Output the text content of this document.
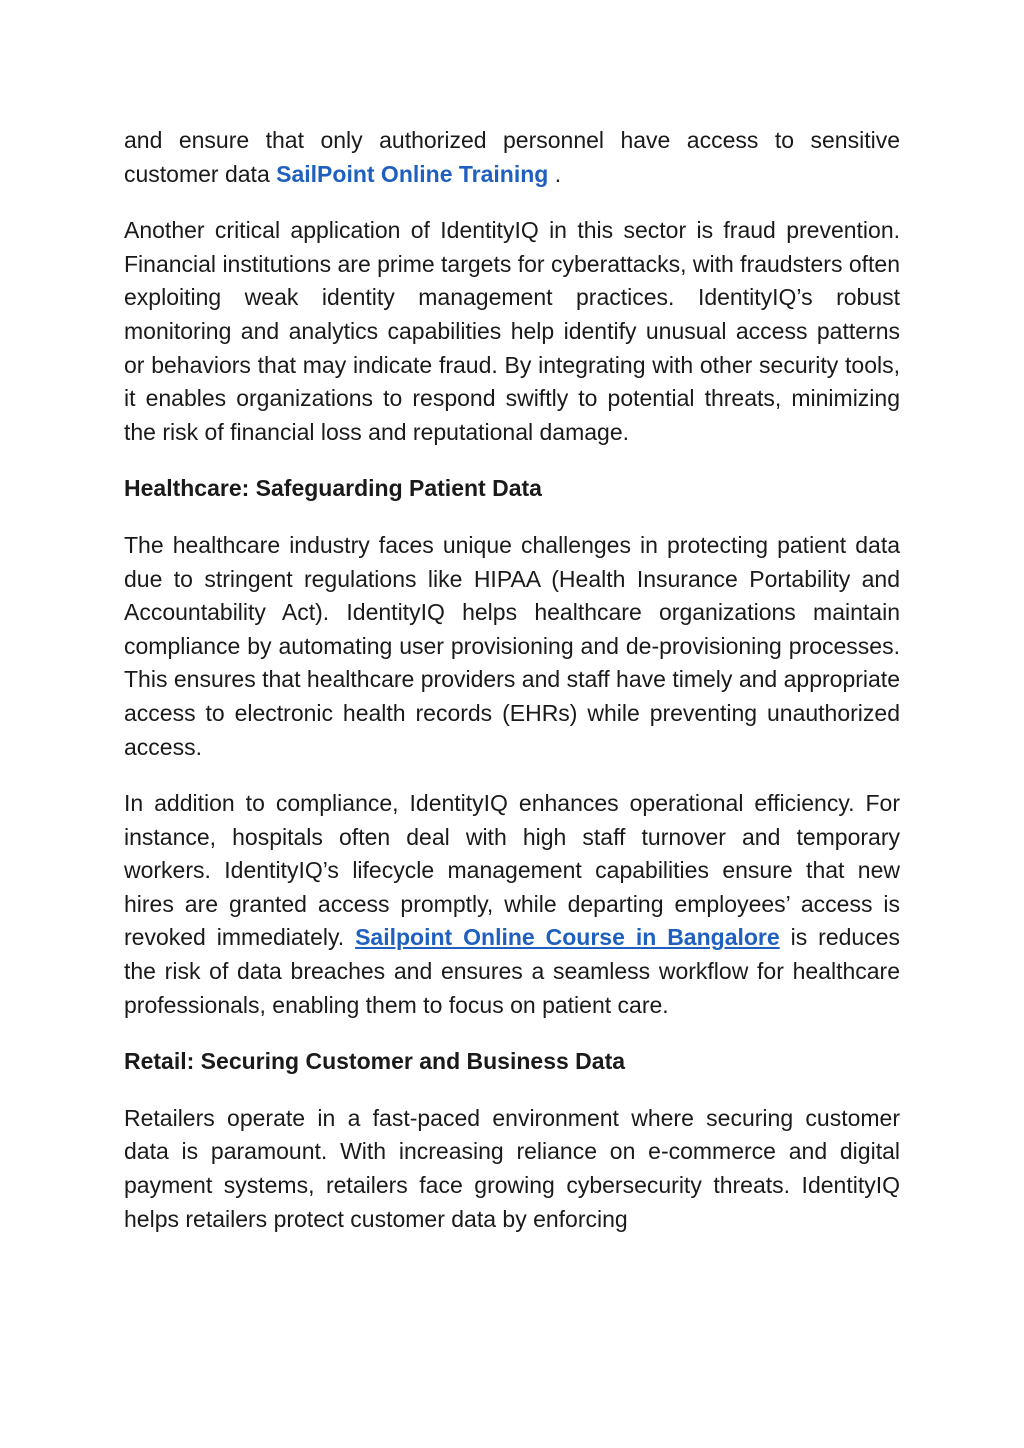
and ensure that only authorized personnel have access to sensitive customer data SailPoint Online Training .

Another critical application of IdentityIQ in this sector is fraud prevention. Financial institutions are prime targets for cyberattacks, with fraudsters often exploiting weak identity management practices. IdentityIQ’s robust monitoring and analytics capabilities help identify unusual access patterns or behaviors that may indicate fraud. By integrating with other security tools, it enables organizations to respond swiftly to potential threats, minimizing the risk of financial loss and reputational damage.

Healthcare: Safeguarding Patient Data

The healthcare industry faces unique challenges in protecting patient data due to stringent regulations like HIPAA (Health Insurance Portability and Accountability Act). IdentityIQ helps healthcare organizations maintain compliance by automating user provisioning and de-provisioning processes. This ensures that healthcare providers and staff have timely and appropriate access to electronic health records (EHRs) while preventing unauthorized access.

In addition to compliance, IdentityIQ enhances operational efficiency. For instance, hospitals often deal with high staff turnover and temporary workers. IdentityIQ’s lifecycle management capabilities ensure that new hires are granted access promptly, while departing employees’ access is revoked immediately. Sailpoint Online Course in Bangalore is reduces the risk of data breaches and ensures a seamless workflow for healthcare professionals, enabling them to focus on patient care.

Retail: Securing Customer and Business Data

Retailers operate in a fast-paced environment where securing customer data is paramount. With increasing reliance on e-commerce and digital payment systems, retailers face growing cybersecurity threats. IdentityIQ helps retailers protect customer data by enforcing
